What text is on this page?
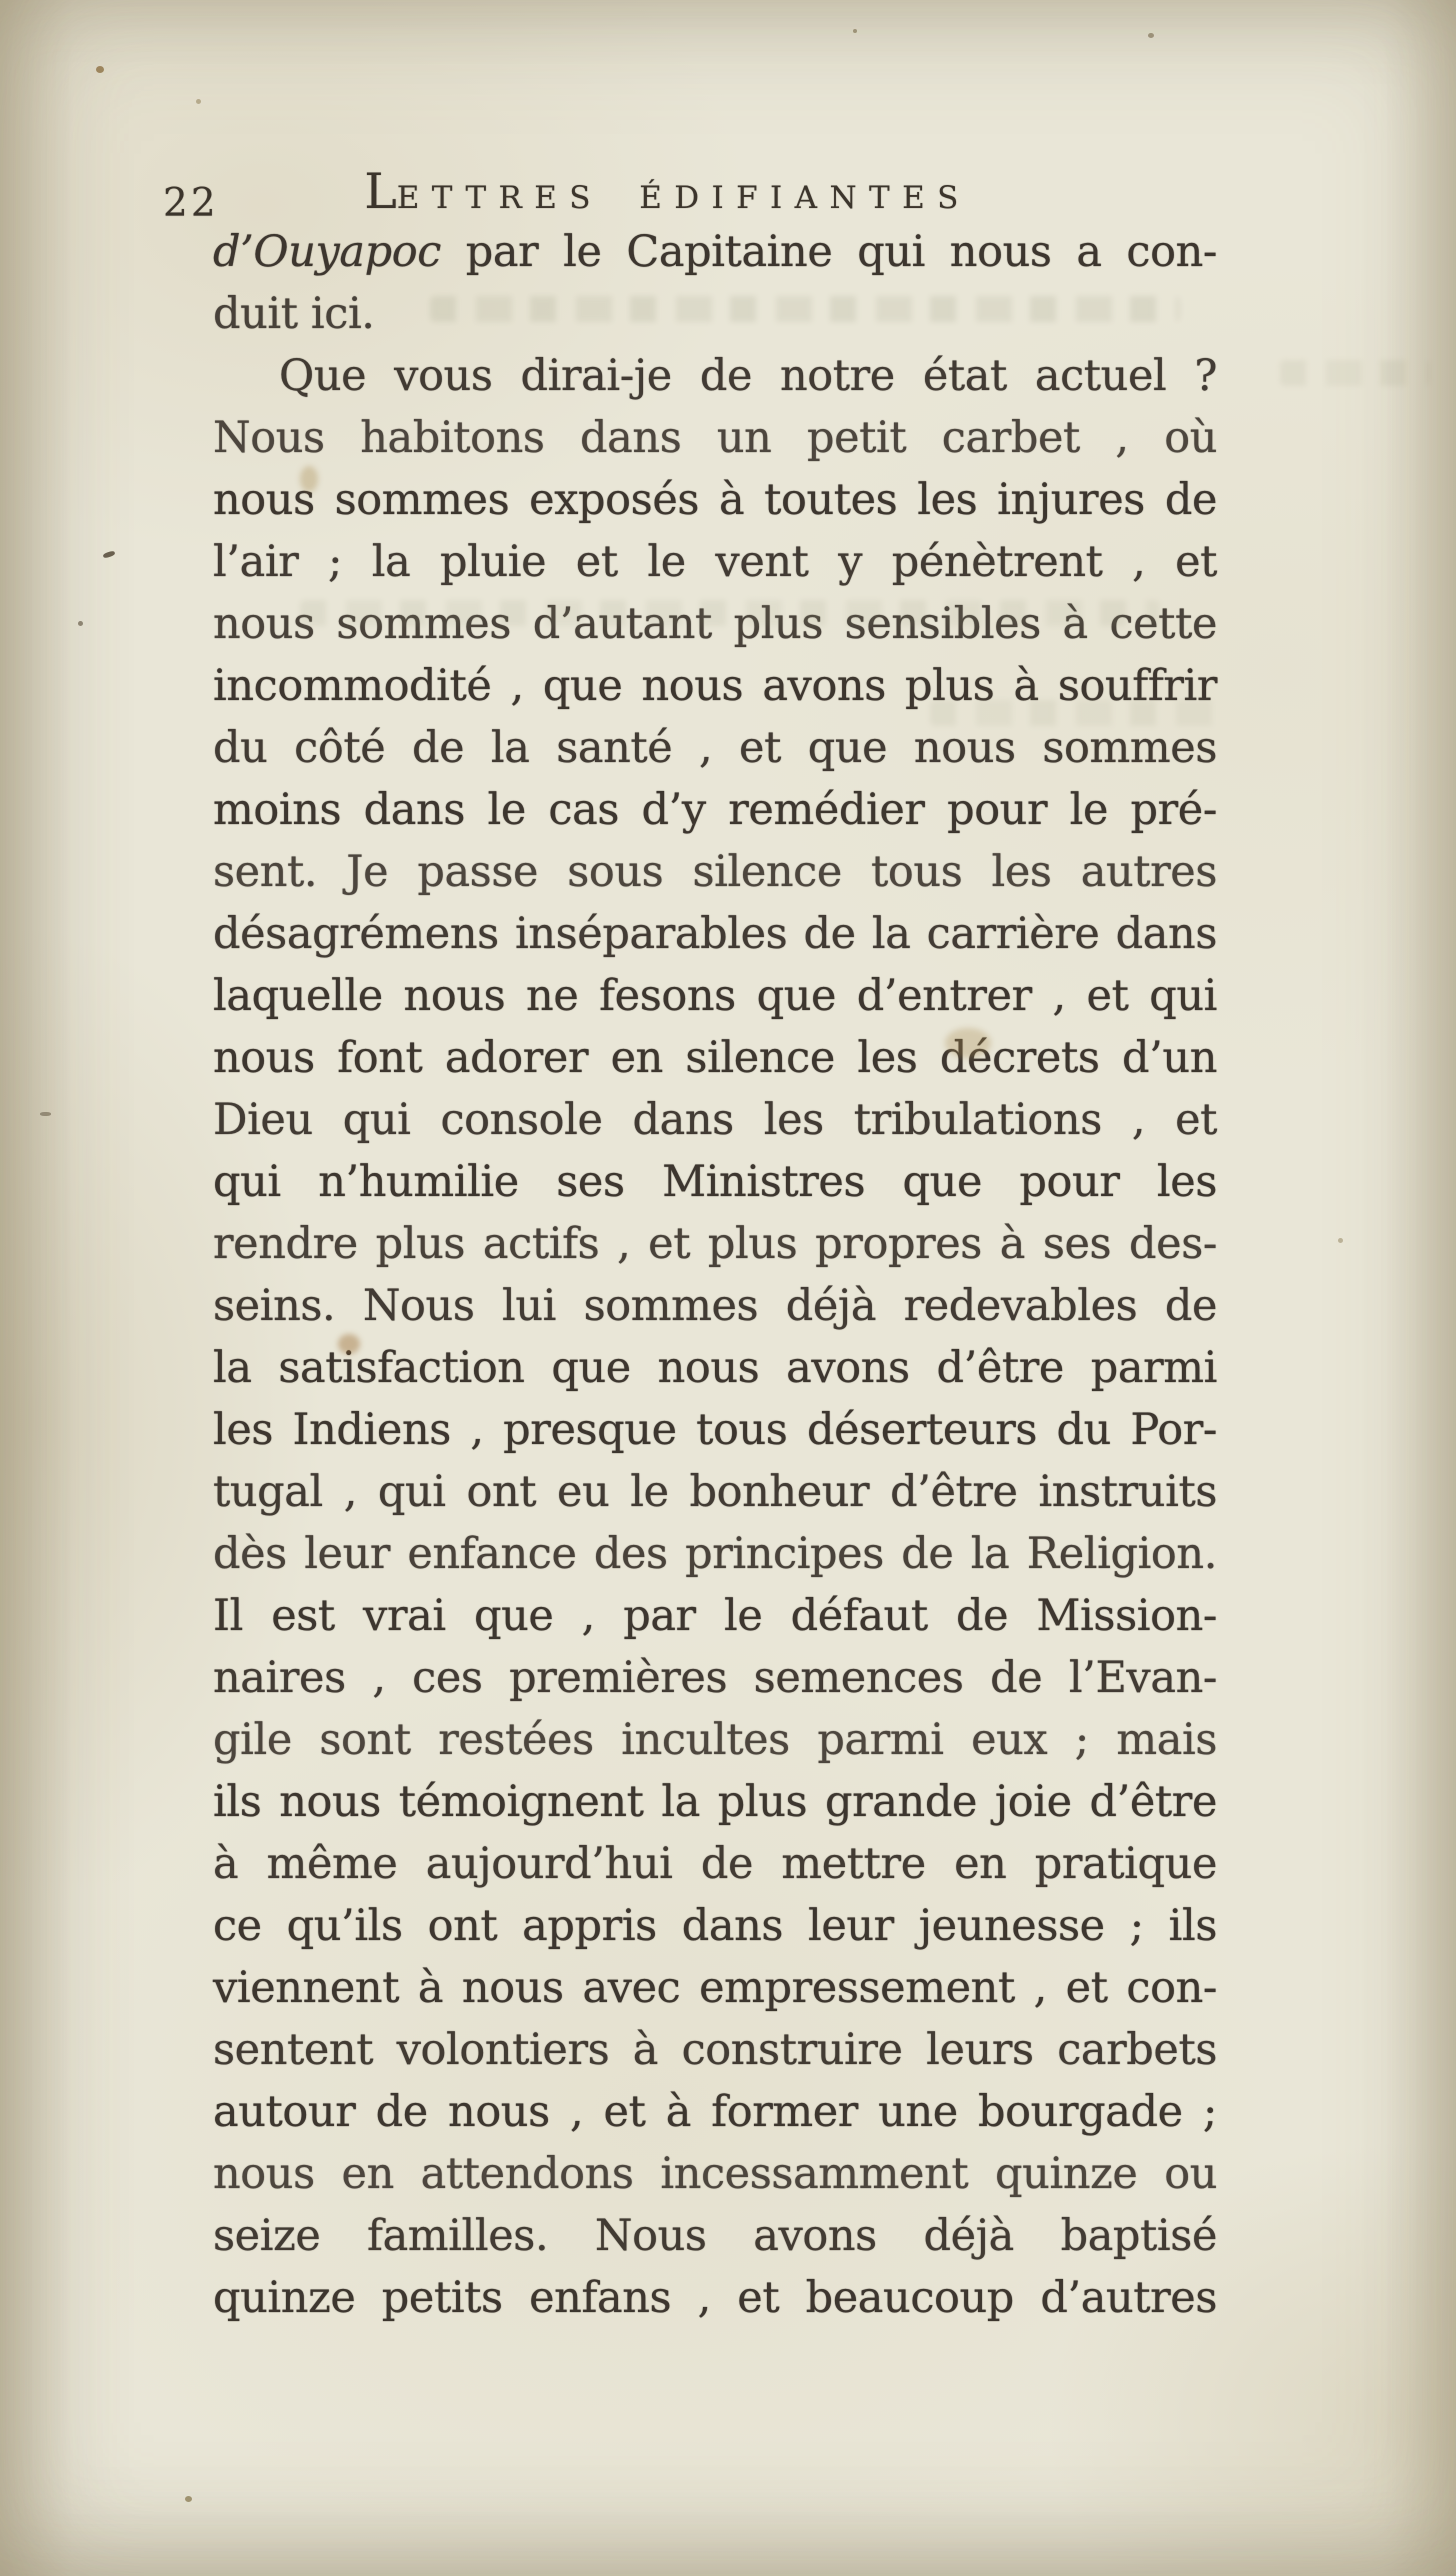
22	LETTRES ÉDIFIANTES
d’Ouyapoc par le Capitaine qui nous a con-
duit ici.
Que vous dirai-je de notre état actuel ?
Nous habitons dans un petit carbet , où
nous sommes exposés à toutes les injures de
l’air ; la pluie et le vent y pénètrent , et
nous sommes d’autant plus sensibles à cette
incommodité , que nous avons plus à souffrir
du côté de la santé , et que nous sommes
moins dans le cas d’y remédier pour le pré-
sent. Je passe sous silence tous les autres
désagrémens inséparables de la carrière dans
laquelle nous ne fesons que d’entrer , et qui
nous font adorer en silence les décrets d’un
Dieu qui console dans les tribulations , et
qui n’humilie ses Ministres que pour les
rendre plus actifs , et plus propres à ses des-
seins. Nous lui sommes déjà redevables de
la satisfaction que nous avons d’être parmi
les Indiens , presque tous déserteurs du Por-
tugal , qui ont eu le bonheur d’être instruits
dès leur enfance des principes de la Religion.
Il est vrai que , par le défaut de Mission-
naires , ces premières semences de l’Evan-
gile sont restées incultes parmi eux ; mais
ils nous témoignent la plus grande joie d’être
à même aujourd’hui de mettre en pratique
ce qu’ils ont appris dans leur jeunesse ; ils
viennent à nous avec empressement , et con-
sentent volontiers à construire leurs carbets
autour de nous , et à former une bourgade ;
nous en attendons incessamment quinze ou
seize familles. Nous avons déjà baptisé
quinze petits enfans , et beaucoup d’autres
